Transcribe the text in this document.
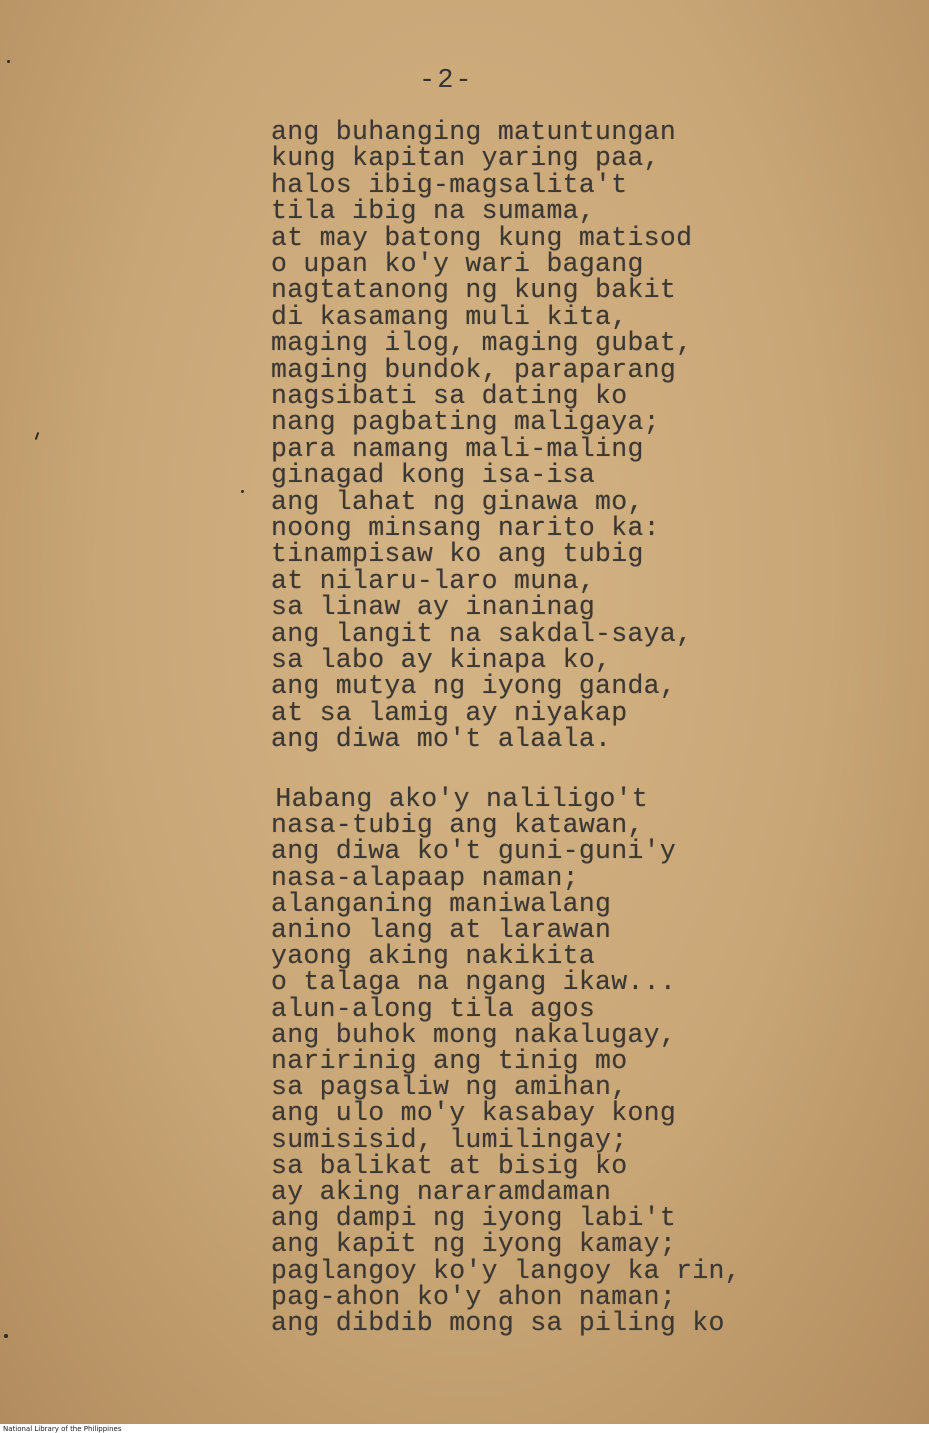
-2-
ang buhanging matuntungan
kung kapitan yaring paa,
halos ibig-magsalita't
tila ibig na sumama,
at may batong kung matisod
o upan ko'y wari bagang
nagtatanong ng kung bakit
di kasamang muli kita,
maging ilog, maging gubat,
maging bundok, paraparang
nagsibati sa dating ko
nang pagbating maligaya;
para namang mali-maling
ginagad kong isa-isa
ang lahat ng ginawa mo,
noong minsang narito ka:
tinampisaw ko ang tubig
at nilaru-laro muna,
sa linaw ay inaninag
ang langit na sakdal-saya,
sa labo ay kinapa ko,
ang mutya ng iyong ganda,
at sa lamig ay niyakap
ang diwa mo't alaala.
Habang ako'y naliligo't
nasa-tubig ang katawan,
ang diwa ko't guni-guni'y
nasa-alapaap naman;
alanganing maniwalang
anino lang at larawan
yaong aking nakikita
o talaga na ngang ikaw...
alun-along tila agos
ang buhok mong nakalugay,
naririnig ang tinig mo
sa pagsaliw ng amihan,
ang ulo mo'y kasabay kong
sumisisid, lumilingay;
sa balikat at bisig ko
ay aking nararamdaman
ang dampi ng iyong labi't
ang kapit ng iyong kamay;
paglangoy ko'y langoy ka rin,
pag-ahon ko'y ahon naman;
ang dibdib mong sa piling ko
National Library of the Philippines
